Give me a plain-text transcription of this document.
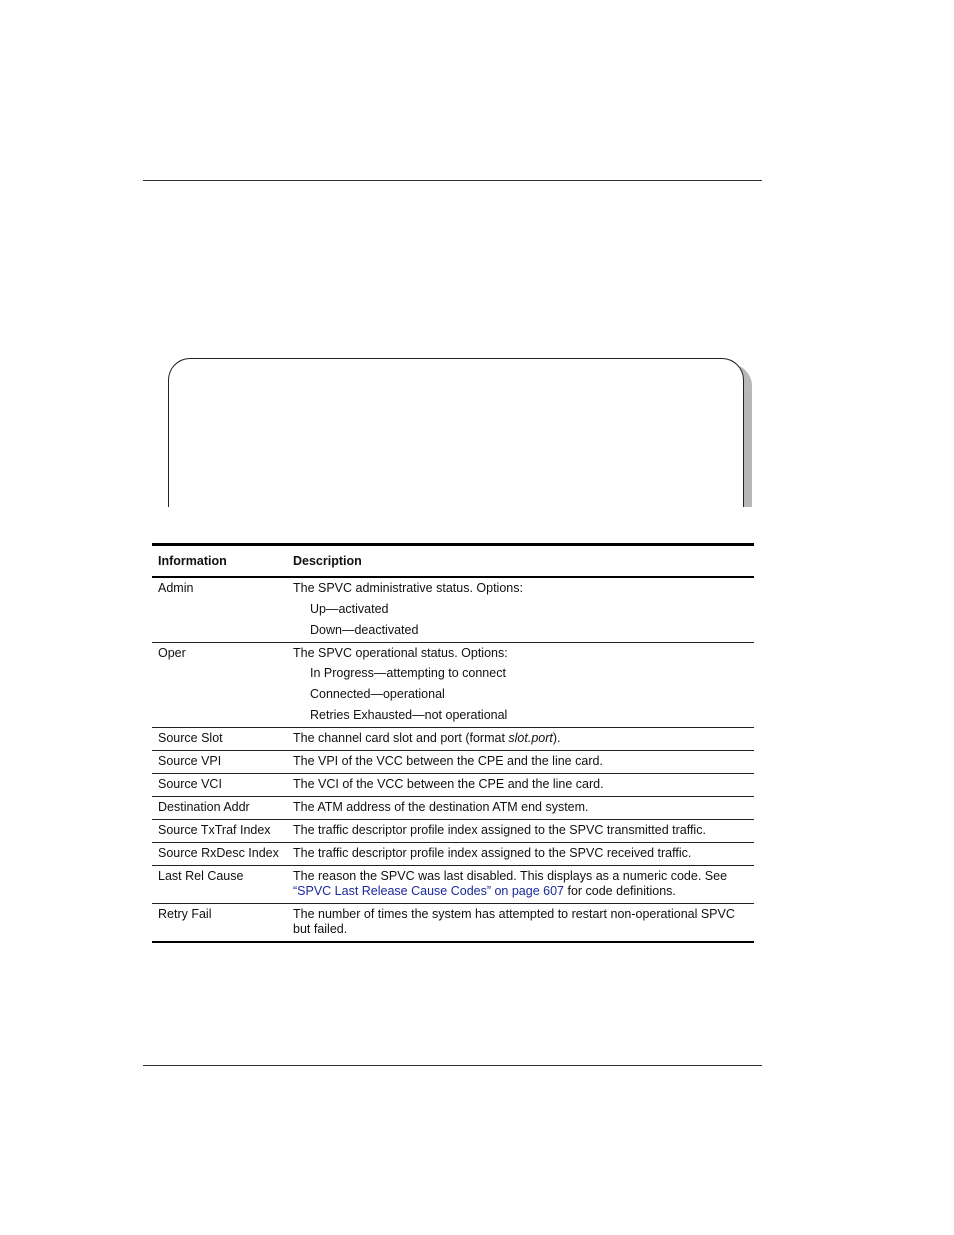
Information	Description
Admin	The SPVC administrative status. Options:
Up—activated
Down—deactivated

Oper	The SPVC operational status. Options:
In Progress—attempting to connect
Connected—operational
Retries Exhausted—not operational

Source Slot	The channel card slot and port (format slot.port).
Source VPI	The VPI of the VCC between the CPE and the line card.
Source VCI	The VCI of the VCC between the CPE and the line card.
Destination Addr	The ATM address of the destination ATM end system.
Source TxTraf Index	The traffic descriptor profile index assigned to the SPVC transmitted traffic.
Source RxDesc Index	The traffic descriptor profile index assigned to the SPVC received traffic.
Last Rel Cause	The reason the SPVC was last disabled. This displays as a numeric code. See “SPVC Last Release Cause Codes” on page 607 for code definitions.
Retry Fail	The number of times the system has attempted to restart non-operational SPVC but failed.
